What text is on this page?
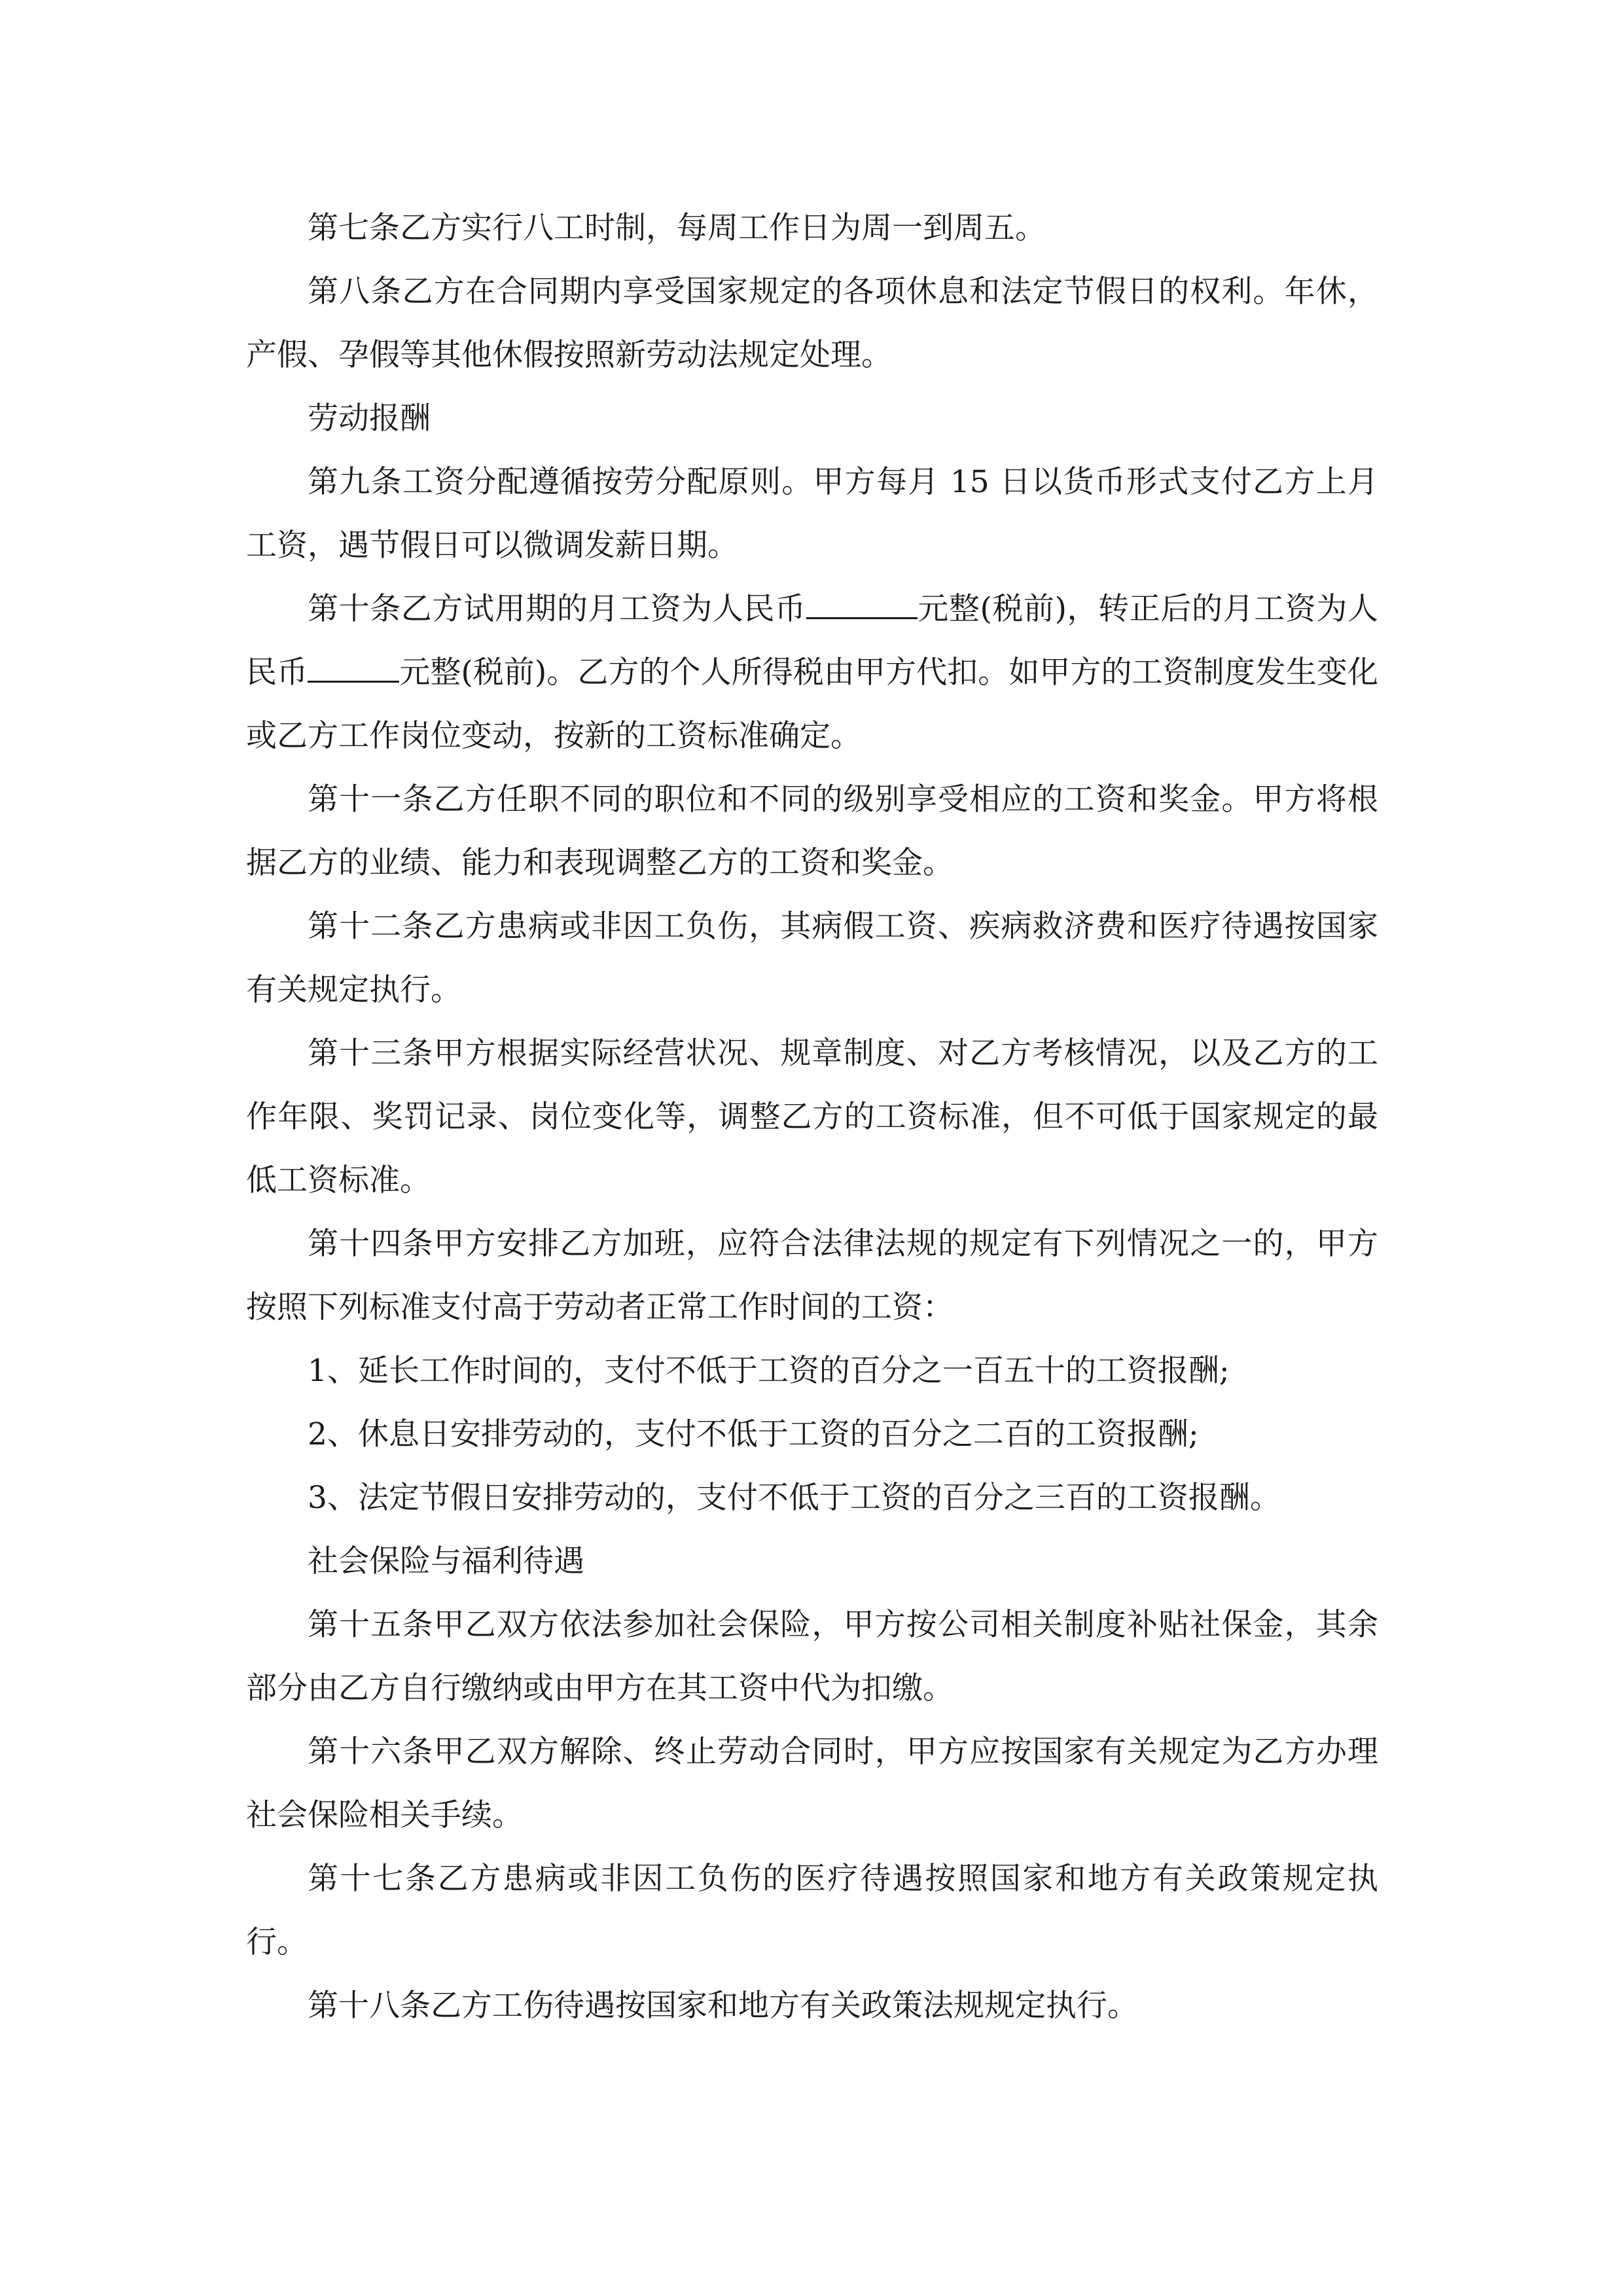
第七条乙方实行八工时制，每周工作日为周一到周五。

第八条乙方在合同期内享受国家规定的各项休息和法定节假日的权利。年休，产假、孕假等其他休假按照新劳动法规定处理。

劳动报酬

第九条工资分配遵循按劳分配原则。甲方每月 15 日以货币形式支付乙方上月工资，遇节假日可以微调发薪日期。

第十条乙方试用期的月工资为人民币	元整(税前)，转正后的月工资为人民币	元整(税前)。乙方的个人所得税由甲方代扣。如甲方的工资制度发生变化或乙方工作岗位变动，按新的工资标准确定。

第十一条乙方任职不同的职位和不同的级别享受相应的工资和奖金。甲方将根据乙方的业绩、能力和表现调整乙方的工资和奖金。

第十二条乙方患病或非因工负伤，其病假工资、疾病救济费和医疗待遇按国家有关规定执行。

第十三条甲方根据实际经营状况、规章制度、对乙方考核情况，以及乙方的工作年限、奖罚记录、岗位变化等，调整乙方的工资标准，但不可低于国家规定的最低工资标准。

第十四条甲方安排乙方加班，应符合法律法规的规定有下列情况之一的，甲方按照下列标准支付高于劳动者正常工作时间的工资：

1、延长工作时间的，支付不低于工资的百分之一百五十的工资报酬;

2、休息日安排劳动的，支付不低于工资的百分之二百的工资报酬;

3、法定节假日安排劳动的，支付不低于工资的百分之三百的工资报酬。

社会保险与福利待遇

第十五条甲乙双方依法参加社会保险，甲方按公司相关制度补贴社保金，其余部分由乙方自行缴纳或由甲方在其工资中代为扣缴。

第十六条甲乙双方解除、终止劳动合同时，甲方应按国家有关规定为乙方办理社会保险相关手续。

第十七条乙方患病或非因工负伤的医疗待遇按照国家和地方有关政策规定执行。

第十八条乙方工伤待遇按国家和地方有关政策法规规定执行。
